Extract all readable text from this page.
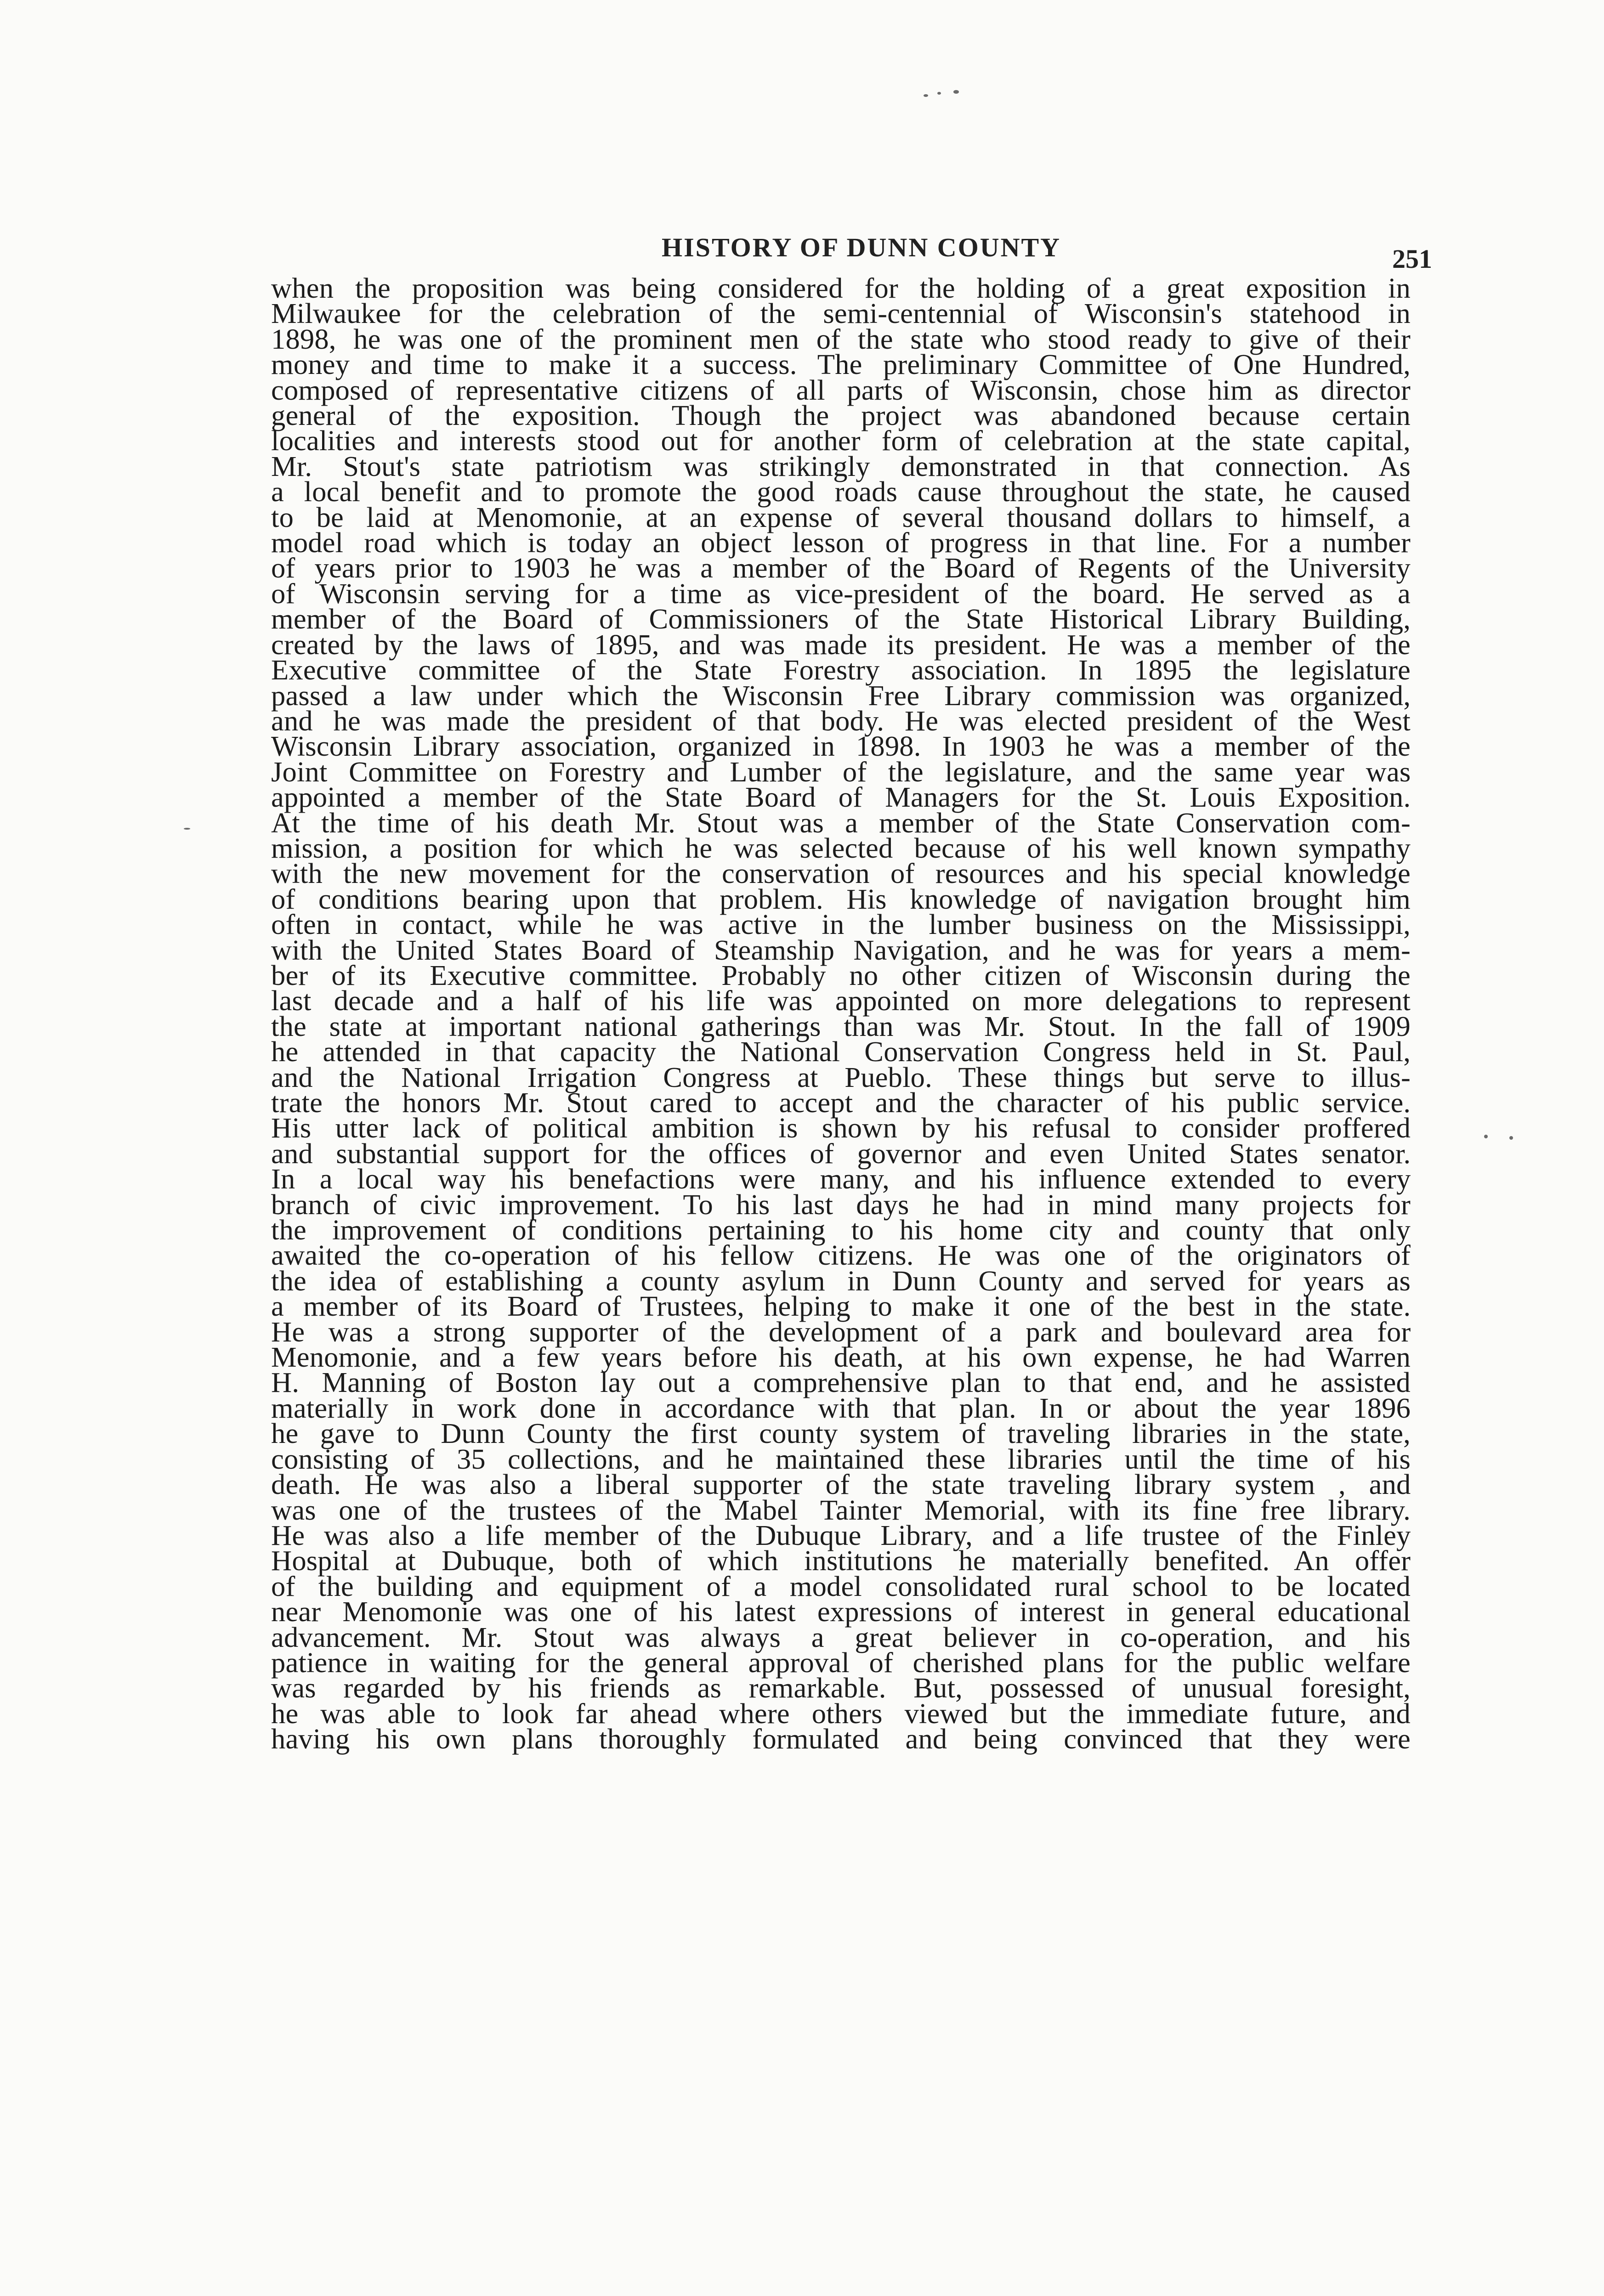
HISTORY OF DUNN COUNTY	251
when the proposition was being considered for the holding of a great exposition in
Milwaukee for the celebration of the semi-centennial of Wisconsin's statehood in
1898, he was one of the prominent men of the state who stood ready to give of their
money and time to make it a success. The preliminary Committee of One Hundred,
composed of representative citizens of all parts of Wisconsin, chose him as director
general of the exposition. Though the project was abandoned because certain
localities and interests stood out for another form of celebration at the state capital,
Mr. Stout's state patriotism was strikingly demonstrated in that connection. As
a local benefit and to promote the good roads cause throughout the state, he caused
to be laid at Menomonie, at an expense of several thousand dollars to himself, a
model road which is today an object lesson of progress in that line. For a number
of years prior to 1903 he was a member of the Board of Regents of the University
of Wisconsin serving for a time as vice-president of the board. He served as a
member of the Board of Commissioners of the State Historical Library Building,
created by the laws of 1895, and was made its president. He was a member of the
Executive committee of the State Forestry association. In 1895 the legislature
passed a law under which the Wisconsin Free Library commission was organized,
and he was made the president of that body. He was elected president of the West
Wisconsin Library association, organized in 1898. In 1903 he was a member of the
Joint Committee on Forestry and Lumber of the legislature, and the same year was
appointed a member of the State Board of Managers for the St. Louis Exposition.
At the time of his death Mr. Stout was a member of the State Conservation com-
mission, a position for which he was selected because of his well known sympathy
with the new movement for the conservation of resources and his special knowledge
of conditions bearing upon that problem. His knowledge of navigation brought him
often in contact, while he was active in the lumber business on the Mississippi,
with the United States Board of Steamship Navigation, and he was for years a mem-
ber of its Executive committee. Probably no other citizen of Wisconsin during the
last decade and a half of his life was appointed on more delegations to represent
the state at important national gatherings than was Mr. Stout. In the fall of 1909
he attended in that capacity the National Conservation Congress held in St. Paul,
and the National Irrigation Congress at Pueblo. These things but serve to illus-
trate the honors Mr. Stout cared to accept and the character of his public service.
His utter lack of political ambition is shown by his refusal to consider proffered
and substantial support for the offices of governor and even United States senator.
In a local way his benefactions were many, and his influence extended to every
branch of civic improvement. To his last days he had in mind many projects for
the improvement of conditions pertaining to his home city and county that only
awaited the co-operation of his fellow citizens. He was one of the originators of
the idea of establishing a county asylum in Dunn County and served for years as
a member of its Board of Trustees, helping to make it one of the best in the state.
He was a strong supporter of the development of a park and boulevard area for
Menomonie, and a few years before his death, at his own expense, he had Warren
H. Manning of Boston lay out a comprehensive plan to that end, and he assisted
materially in work done in accordance with that plan. In or about the year 1896
he gave to Dunn County the first county system of traveling libraries in the state,
consisting of 35 collections, and he maintained these libraries until the time of his
death. He was also a liberal supporter of the state traveling library system , and
was one of the trustees of the Mabel Tainter Memorial, with its fine free library.
He was also a life member of the Dubuque Library, and a life trustee of the Finley
Hospital at Dubuque, both of which institutions he materially benefited. An offer
of the building and equipment of a model consolidated rural school to be located
near Menomonie was one of his latest expressions of interest in general educational
advancement. Mr. Stout was always a great believer in co-operation, and his
patience in waiting for the general approval of cherished plans for the public welfare
was regarded by his friends as remarkable. But, possessed of unusual foresight,
he was able to look far ahead where others viewed but the immediate future, and
having his own plans thoroughly formulated and being convinced that they were
